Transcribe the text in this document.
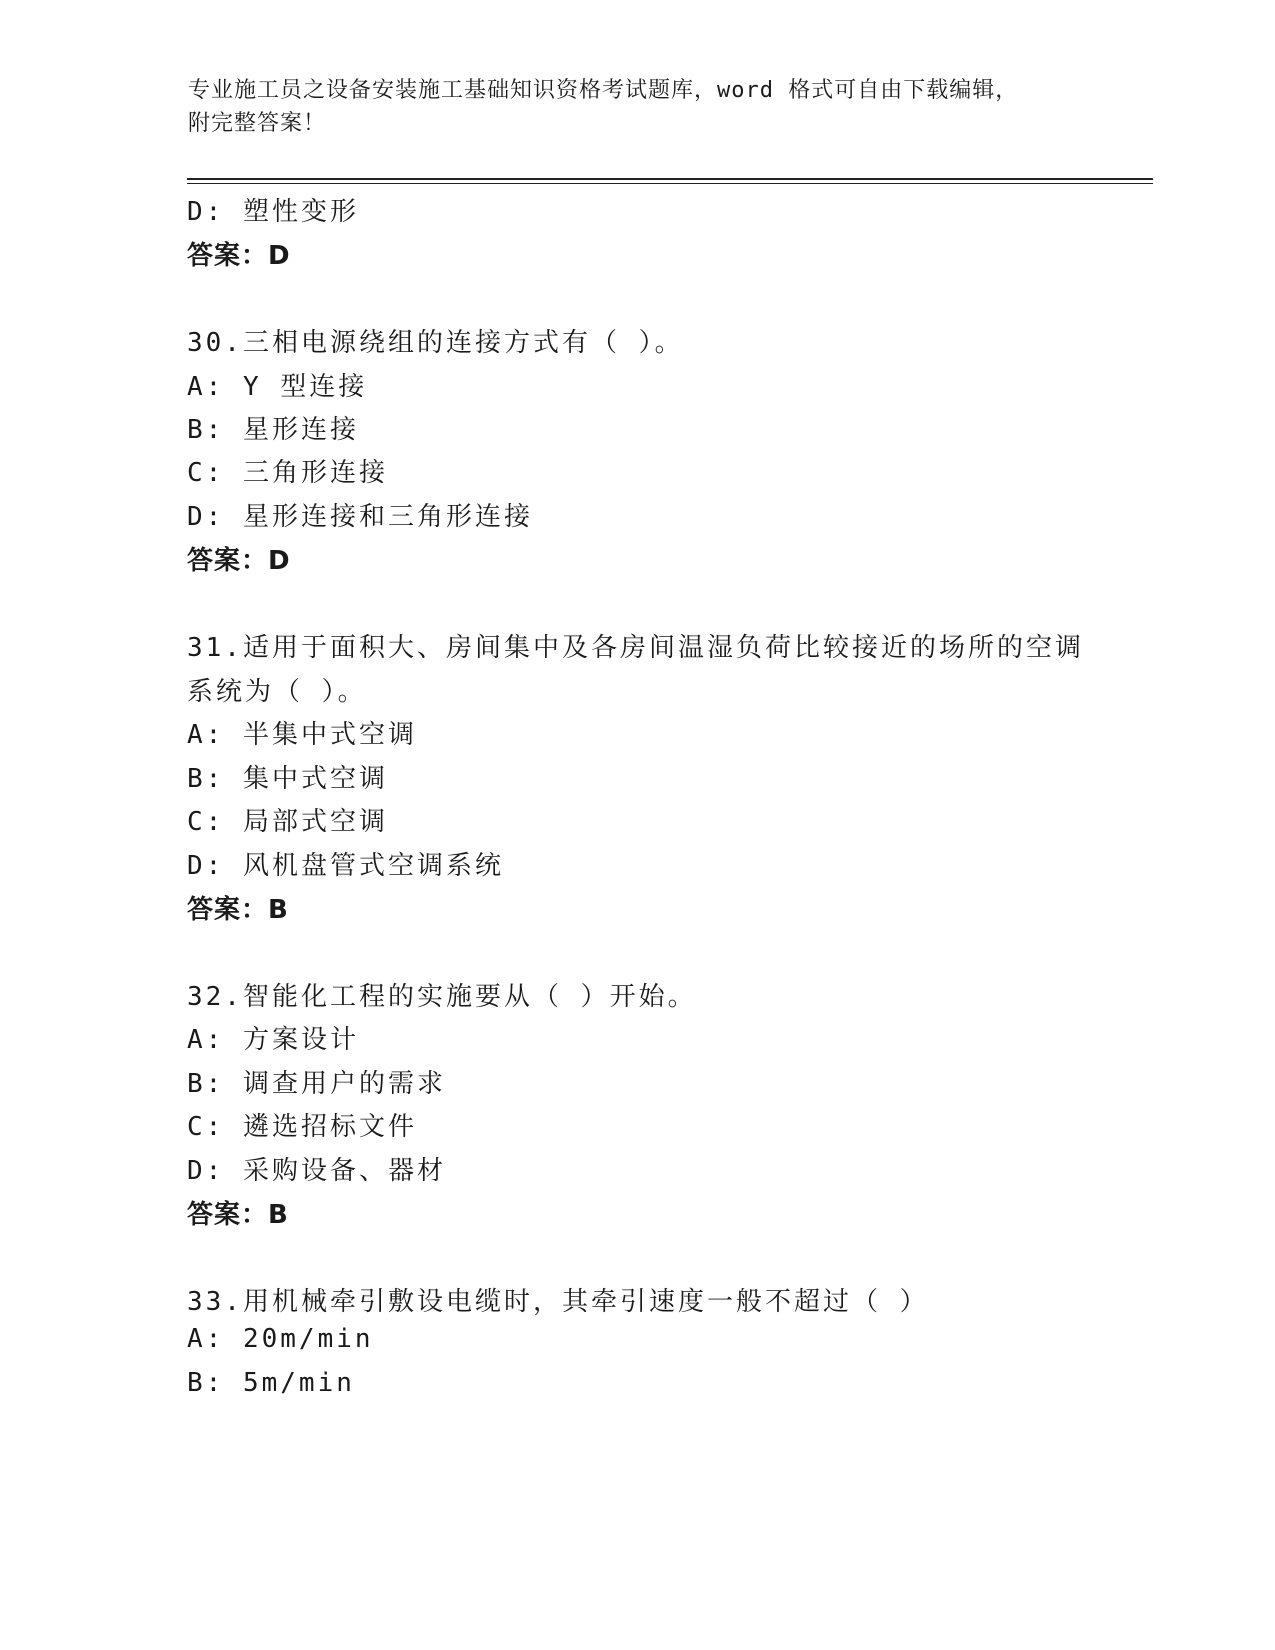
专业施工员之设备安装施工基础知识资格考试题库，word 格式可自由下载编辑，
附完整答案！
D: 塑性变形
答案：D
30.三相电源绕组的连接方式有（ ）。
A: Y 型连接
B: 星形连接
C: 三角形连接
D: 星形连接和三角形连接
答案：D
31.适用于面积大、房间集中及各房间温湿负荷比较接近的场所的空调
系统为（ ）。
A: 半集中式空调
B: 集中式空调
C: 局部式空调
D: 风机盘管式空调系统
答案：B
32.智能化工程的实施要从（ ）开始。
A: 方案设计
B: 调查用户的需求
C: 遴选招标文件
D: 采购设备、器材
答案：B
33.用机械牵引敷设电缆时，其牵引速度一般不超过（ ）
A: 20m/min
B: 5m/min
